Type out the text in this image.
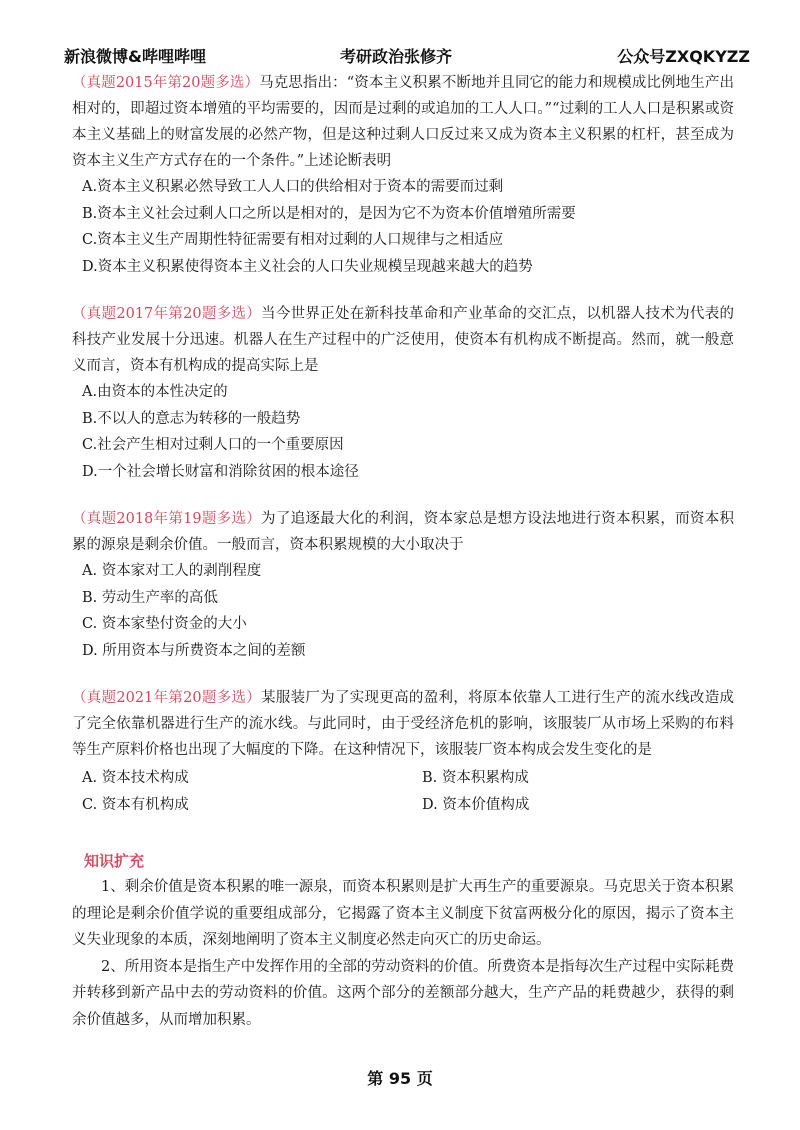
新浪微博&哔哩哔哩	考研政治张修齐	公众号ZXQKYZZ

（真题2015年第20题多选）马克思指出：“资本主义积累不断地并且同它的能力和规模成比例地生产出相对的，即超过资本增殖的平均需要的，因而是过剩的或追加的工人人口。”“过剩的工人人口是积累或资本主义基础上的财富发展的必然产物，但是这种过剩人口反过来又成为资本主义积累的杠杆，甚至成为资本主义生产方式存在的一个条件。”上述论断表明

A.资本主义积累必然导致工人人口的供给相对于资本的需要而过剩

B.资本主义社会过剩人口之所以是相对的，是因为它不为资本价值增殖所需要

C.资本主义生产周期性特征需要有相对过剩的人口规律与之相适应

D.资本主义积累使得资本主义社会的人口失业规模呈现越来越大的趋势

（真题2017年第20题多选）当今世界正处在新科技革命和产业革命的交汇点，以机器人技术为代表的科技产业发展十分迅速。机器人在生产过程中的广泛使用，使资本有机构成不断提高。然而，就一般意义而言，资本有机构成的提高实际上是

A.由资本的本性决定的

B.不以人的意志为转移的一般趋势

C.社会产生相对过剩人口的一个重要原因

D.一个社会增长财富和消除贫困的根本途径

（真题2018年第19题多选）为了追逐最大化的利润，资本家总是想方设法地进行资本积累，而资本积累的源泉是剩余价值。一般而言，资本积累规模的大小取决于

A. 资本家对工人的剥削程度

B. 劳动生产率的高低

C. 资本家垫付资金的大小

D. 所用资本与所费资本之间的差额

（真题2021年第20题多选）某服装厂为了实现更高的盈利，将原本依靠人工进行生产的流水线改造成了完全依靠机器进行生产的流水线。与此同时，由于受经济危机的影响，该服装厂从市场上采购的布料等生产原料价格也出现了大幅度的下降。在这种情况下，该服装厂资本构成会发生变化的是

A. 资本技术构成	B. 资本积累构成
C. 资本有机构成	D. 资本价值构成

知识扩充

1、剩余价值是资本积累的唯一源泉，而资本积累则是扩大再生产的重要源泉。马克思关于资本积累的理论是剩余价值学说的重要组成部分，它揭露了资本主义制度下贫富两极分化的原因，揭示了资本主义失业现象的本质，深刻地阐明了资本主义制度必然走向灭亡的历史命运。

2、所用资本是指生产中发挥作用的全部的劳动资料的价值。所费资本是指每次生产过程中实际耗费并转移到新产品中去的劳动资料的价值。这两个部分的差额部分越大，生产产品的耗费越少，获得的剩余价值越多，从而增加积累。

第 95 页
